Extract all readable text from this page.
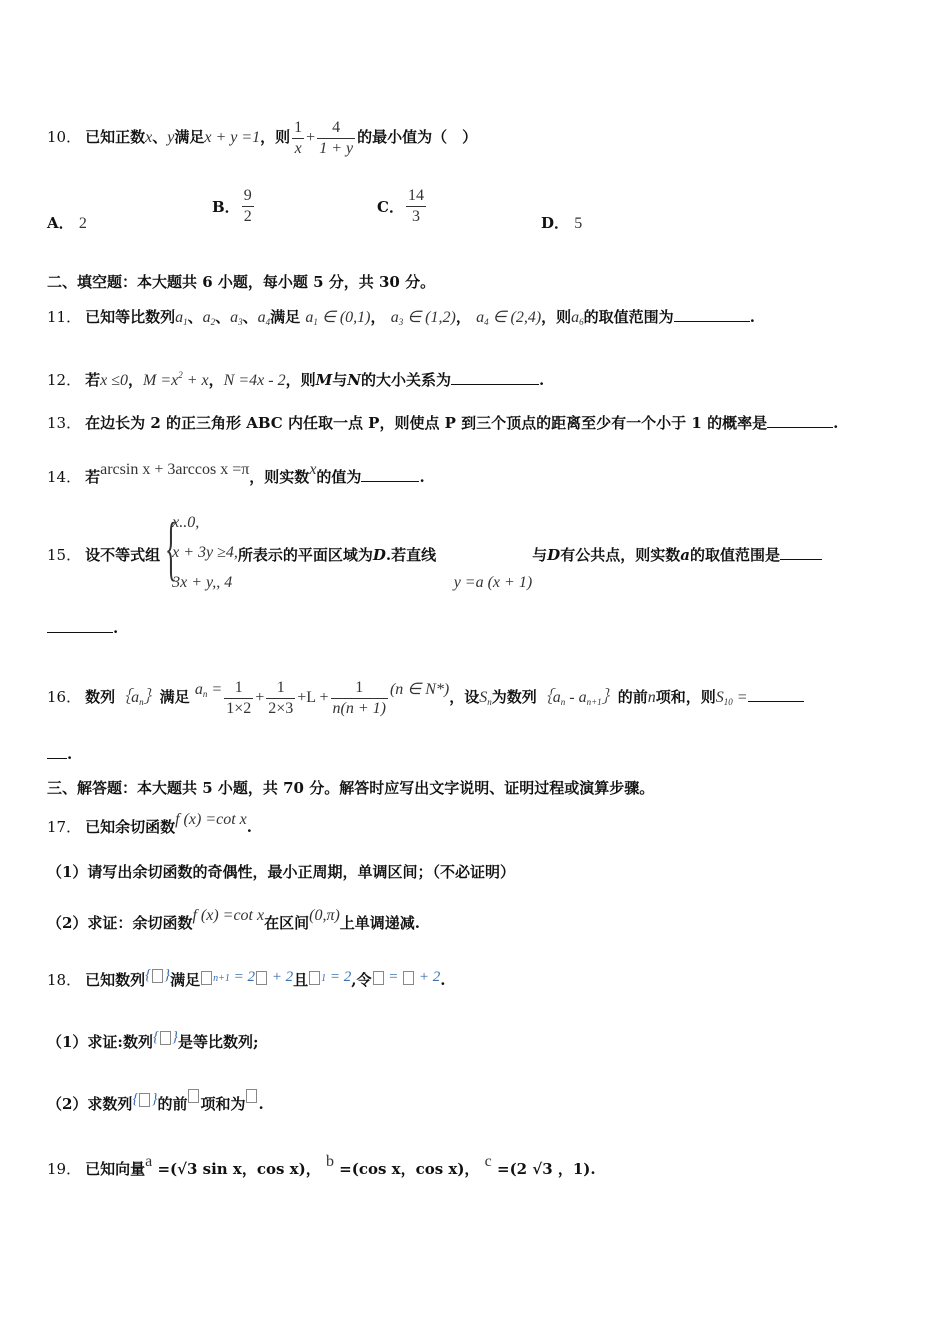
10． 已知正数x、y满足x + y =1，则 $\frac{1}{x} + \frac{4}{1 + y}$ 的最小值为（　）
A． 2
B． $\frac{9}{2}$	C． $\frac{14}{3}$	D． 5
二、填空题：本大题共 6 小题，每小题 5 分，共 30 分。
11． 已知等比数列$a_1$、$a_2$、$a_3$、$a_4$满足 $a_1$ ∈ (0,1)， $a_3$ ∈ (1,2)， $a_4$ ∈ (2,4)，则$a_6$的取值范围为	.
12． 若x ≤0，$M =x^2 + x$，N =4x - 2，则M与N的大小关系为	.
13． 在边长为 2 的正三角形 ABC 内任取一点 P，则使点 P 到三个顶点的距离至少有一个小于 1 的概率是	.
14． 若arcsin x + 3arccos x =π，则实数x的值为	.
{
15． 设不等式组
x..0,
x + 3y ≥4,
3x + y,, 4
所表示的平面区域为D.若直线y =a (x + 1)与D有公共点，则实数a的取值范围是
.
16． 数列$\{a_n\}$满足 $a_n = \frac{1}{1\times 2} + \frac{1}{2\times 3} +L + \frac{1}{n(n + 1)} (n$ ∈ N*)，设$S_n$为数列$\{a_n$ - $a_{n+1}\}$的前n项和，则$S_{10}$ =
.
三、解答题：本大题共 5 小题，共 70 分。解答时应写出文字说明、证明过程或演算步骤。
17． 已知余切函数f (x) =cot x.
（1）请写出余切函数的奇偶性，最小正周期，单调区间；（不必证明）
（2）求证：余切函数f (x) =cot x在区间(0,π)上单调递减.
18． 已知数列{ }满足 n+1 = 2 + 2且 1 = 2,令 = + 2.
（1）求证:数列{ }是等比数列;
（2）求数列{ }的前 项和为 .
19． 已知向量a =(√3 sin x，cos x)， b =(cos x，cos x)， c =(2 √3 ，1).
